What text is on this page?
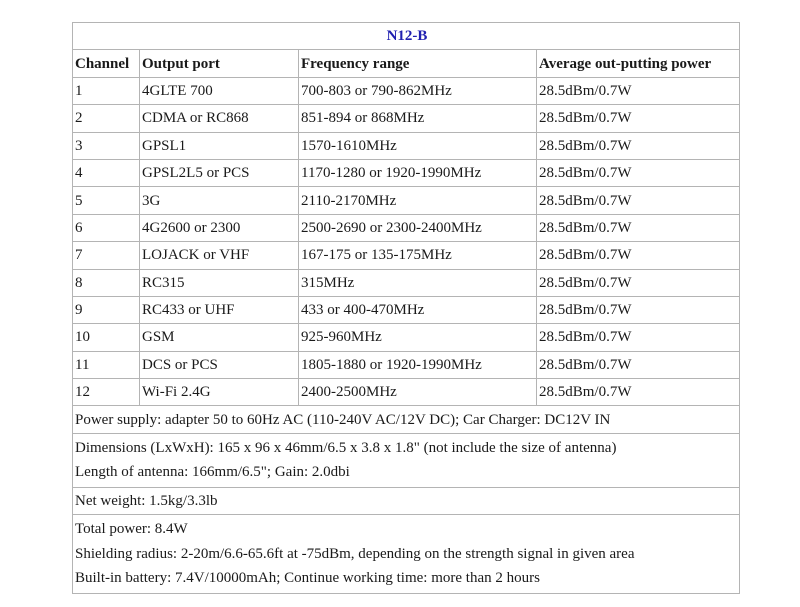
N12-B			
Channel	Output port	Frequency range	Average out-putting power
1	4GLTE 700	700-803 or 790-862MHz	28.5dBm/0.7W
2	CDMA or RC868	851-894 or 868MHz	28.5dBm/0.7W
3	GPSL1	1570-1610MHz	28.5dBm/0.7W
4	GPSL2L5 or PCS	1170-1280 or 1920-1990MHz	28.5dBm/0.7W
5	3G	2110-2170MHz	28.5dBm/0.7W
6	4G2600 or 2300	2500-2690 or 2300-2400MHz	28.5dBm/0.7W
7	LOJACK or VHF	167-175 or 135-175MHz	28.5dBm/0.7W
8	RC315	315MHz	28.5dBm/0.7W
9	RC433 or UHF	433 or 400-470MHz	28.5dBm/0.7W
10	GSM	925-960MHz	28.5dBm/0.7W
11	DCS or PCS	1805-1880 or 1920-1990MHz	28.5dBm/0.7W
12	Wi-Fi 2.4G	2400-2500MHz	28.5dBm/0.7W
Power supply: adapter 50 to 60Hz AC (110-240V AC/12V DC); Car Charger: DC12V IN			

Dimensions (LxWxH): 165 x 96 x 46mm/6.5 x 3.8 x 1.8" (not include the size of antenna)
Length of antenna: 166mm/6.5"; Gain: 2.0dbi			

Net weight: 1.5kg/3.3lb			

Total power: 8.4W
Shielding radius: 2-20m/6.6-65.6ft at -75dBm, depending on the strength signal in given area
Built-in battery: 7.4V/10000mAh; Continue working time: more than 2 hours			
